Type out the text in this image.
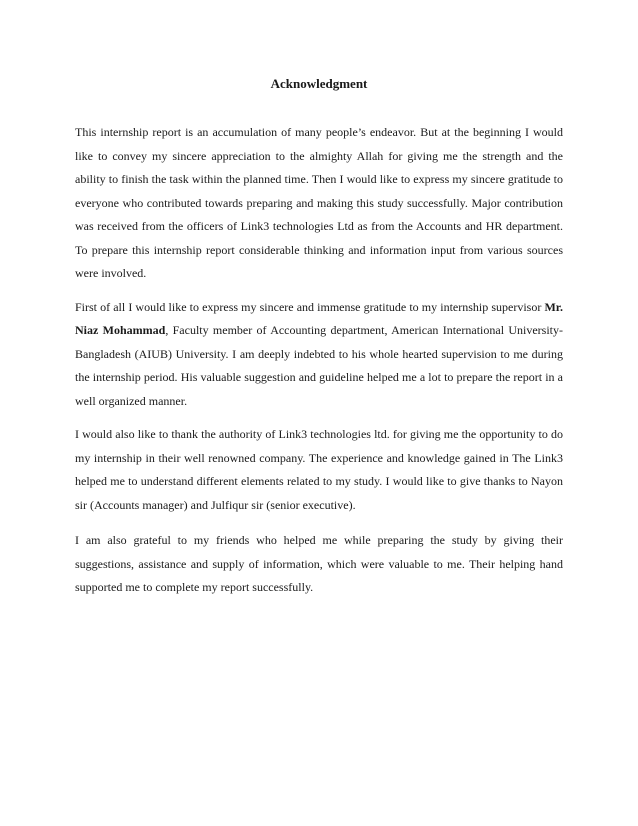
Acknowledgment

This internship report is an accumulation of many people’s endeavor. But at the beginning I would like to convey my sincere appreciation to the almighty Allah for giving me the strength and the ability to finish the task within the planned time. Then I would like to express my sincere gratitude to everyone who contributed towards preparing and making this study successfully. Major contribution was received from the officers of Link3 technologies Ltd as from the Accounts and HR department. To prepare this internship report considerable thinking and information input from various sources were involved.

First of all I would like to express my sincere and immense gratitude to my internship supervisor Mr. Niaz Mohammad, Faculty member of Accounting department, American International University-Bangladesh (AIUB) University. I am deeply indebted to his whole hearted supervision to me during the internship period. His valuable suggestion and guideline helped me a lot to prepare the report in a well organized manner.

I would also like to thank the authority of Link3 technologies ltd. for giving me the opportunity to do my internship in their well renowned company. The experience and knowledge gained in The Link3 helped me to understand different elements related to my study. I would like to give thanks to Nayon sir (Accounts manager) and Julfiqur sir (senior executive).

I am also grateful to my friends who helped me while preparing the study by giving their suggestions, assistance and supply of information, which were valuable to me. Their helping hand supported me to complete my report successfully.
